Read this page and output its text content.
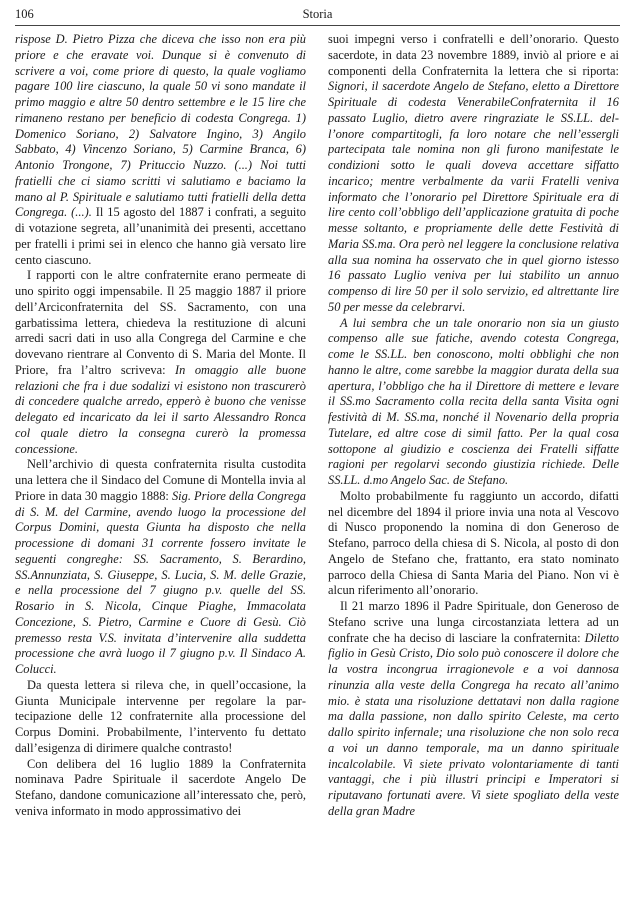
106	Storia

risposе D. Pietro Pizza che diceva che isso non era più priore e che eravate voi. Dunque si è convenuto di scrivere a voi, come priore di questo, la quale vogliamo pagare 100 lire ciascuno, la quale 50 vi sono mandate il primo maggio e altre 50 dentro settembre e le 15 lire che rimaneno restano per beneficio di codesta Congrega. 1) Domenico Soriano, 2) Salvatore Ingino, 3) Angilo Sabbato, 4) Vincenzo Soriano, 5) Carmine Branca, 6) Antonio Trongone, 7) Prituccio Nuzzo. (...) Noi tutti fratielli che ci siamo scritti vi salutiamo e baciamo la mano al P. Spirituale e salutiamo tutti fratielli della detta Congrega. (...). Il 15 agosto del 1887 i confrati, a seguito di votazione segreta, all’unanimità dei presenti, accettano per fratelli i primi sei in elenco che hanno già versato lire cento ciascuno.

I rapporti con le altre confraternite erano permeate di uno spirito oggi impensabile. Il 25 maggio 1887 il priore dell’Arciconfraternita del SS. Sacramento, con una garbatissima lettera, chiedeva la restituzione di alcuni arredi sacri dati in uso alla Congrega del Carmine e che dovevano rientrare al Convento di S. Maria del Monte. Il Priore, fra l’altro scriveva: In omaggio alle buone relazioni che fra i due sodalizi vi esistono non trascurerò di concedere qualche arredo, epperò è buono che venisse delegato ed incaricato da lei il sarto Alessandro Ronca col quale dietro la consegna curerò la promessa concessione.

Nell’archivio di questa confraternita risulta custodita una lettera che il Sindaco del Comune di Montella invia al Priore in data 30 maggio 1888: Sig. Priore della Congrega di S. M. del Carmine, avendo luogo la processione del Corpus Domini, questa Giunta ha disposto che nella processione di domani 31 corrente fossero invitate le seguenti congreghe: SS. Sacramento, S. Berardino, SS.Annunziata, S. Giuseppe, S. Lucia, S. M. delle Grazie, e nella processione del 7 giugno p.v. quelle del SS. Rosario in S. Nicola, Cinque Piaghe, Immacolata Concezione, S. Pietro, Carmine e Cuore di Gesù. Ciò premesso resta V.S. invitata d’intervenire alla suddetta processione che avrà luogo il 7 giugno p.v. Il Sindaco A. Colucci.

Da questa lettera si rileva che, in quell’occasione, la Giunta Municipale intervenne per regolare la partecipazione delle 12 confraternite alla processione del Corpus Domini. Probabilmente, l’intervento fu dettato dall’esigenza di dirimere qualche contrasto!

Con delibera del 16 luglio 1889 la Confraternita nominava Padre Spirituale il sacerdote Angelo De Stefano, dandone comunicazione all’interessato che, però, veniva informato in modo approssimativo dei

suoi impegni verso i confratelli e dell’onorario. Questo sacerdote, in data 23 novembre 1889, inviò al priore e ai componenti della Confraternita la lettera che si riporta: Signori, il sacerdote Angelo de Stefano, eletto a Direttore Spirituale di codesta VenerabileConfraternita il 16 passato Luglio, dietro avere ringraziate le SS.LL. dell’onore compartitogli, fa loro notare che nell’essergli partecipata tale nomina non gli furono manifestate le condizioni sotto le quali doveva accettare siffatto incarico; mentre verbalmente da varii Fratelli veniva informato che l’onorario pel Direttore Spirituale era di lire cento coll’obbligo dell’applicazione gratuita di poche messe soltanto, e propriamente delle dette Festività di Maria SS.ma. Ora però nel leggere la conclusione relativa alla sua nomina ha osservato che in quel giorno istesso 16 passato Luglio veniva per lui stabilito un annuo compenso di lire 50 per il solo servizio, ed altrettante lire 50 per messe da celebrarvi.

A lui sembra che un tale onorario non sia un giusto compenso alle sue fatiche, avendo cotesta Congrega, come le SS.LL. ben conoscono, molti obblighi che non hanno le altre, come sarebbe la maggior durata della sua apertura, l’obbligo che ha il Direttore di mettere e levare il SS.mo Sacramento colla recita della santa Visita ogni festività di M. SS.ma, nonché il Novenario della propria Tutelare, ed altre cose di simil fatto. Per la qual cosa sottopone al giudizio e coscienza dei Fratelli siffatte ragioni per regolarvi secondo giustizia richiede. Delle SS.LL. d.mo Angelo Sac. de Stefano.

Molto probabilmente fu raggiunto un accordo, difatti nel dicembre del 1894 il priore invia una nota al Vescovo di Nusco proponendo la nomina di don Generoso de Stefano, parroco della chiesa di S. Nicola, al posto di don Angelo de Stefano che, frattanto, era stato nominato parroco della Chiesa di Santa Maria del Piano. Non vi è alcun riferimento all’onorario.

Il 21 marzo 1896 il Padre Spirituale, don Generoso de Stefano scrive una lunga circostanziata lettera ad un confrate che ha deciso di lasciare la confraternita: Diletto figlio in Gesù Cristo, Dio solo può conoscere il dolore che la vostra incongrua irragionevole e a voi dannosa rinunzia alla veste della Congrega ha recato all’animo mio. è stata una risoluzione dettatavi non dalla ragione ma dalla passione, non dallo spirito Celeste, ma certo dallo spirito infernale; una risoluzione che non solo reca a voi un danno temporale, ma un danno spirituale incalcolabile. Vi siete privato volontariamente di tanti vantaggi, che i più illustri principi e Imperatori si riputavano fortunati avere. Vi siete spogliato della veste della gran Madre
